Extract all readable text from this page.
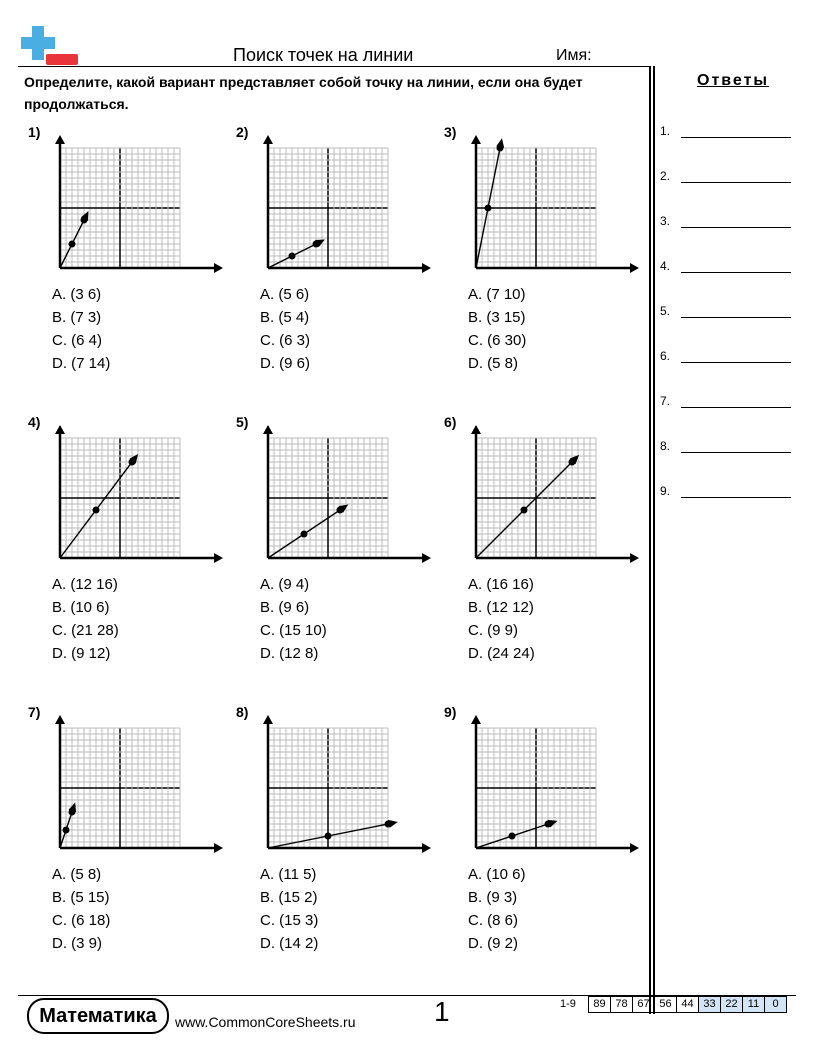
Поиск точек на линии	Имя:
Определите, какой вариант представляет собой точку на линии, если она будет продолжаться.
Ответы
1.
2.
3.
4.
5.
6.
7.
8.
9.
1)
A. (3 6)
B. (7 3)
C. (6 4)
D. (7 14)
2)
A. (5 6)
B. (5 4)
C. (6 3)
D. (9 6)
3)
A. (7 10)
B. (3 15)
C. (6 30)
D. (5 8)
4)
A. (12 16)
B. (10 6)
C. (21 28)
D. (9 12)
5)
A. (9 4)
B. (9 6)
C. (15 10)
D. (12 8)
6)
A. (16 16)
B. (12 12)
C. (9 9)
D. (24 24)
7)
A. (5 8)
B. (5 15)
C. (6 18)
D. (3 9)
8)
A. (11 5)
B. (15 2)
C. (15 3)
D. (14 2)
9)
A. (10 6)
B. (9 3)
C. (8 6)
D. (9 2)
Математика	www.CommonCoreSheets.ru	1	1-9	89 78 67 56 44 33 22 11	0
